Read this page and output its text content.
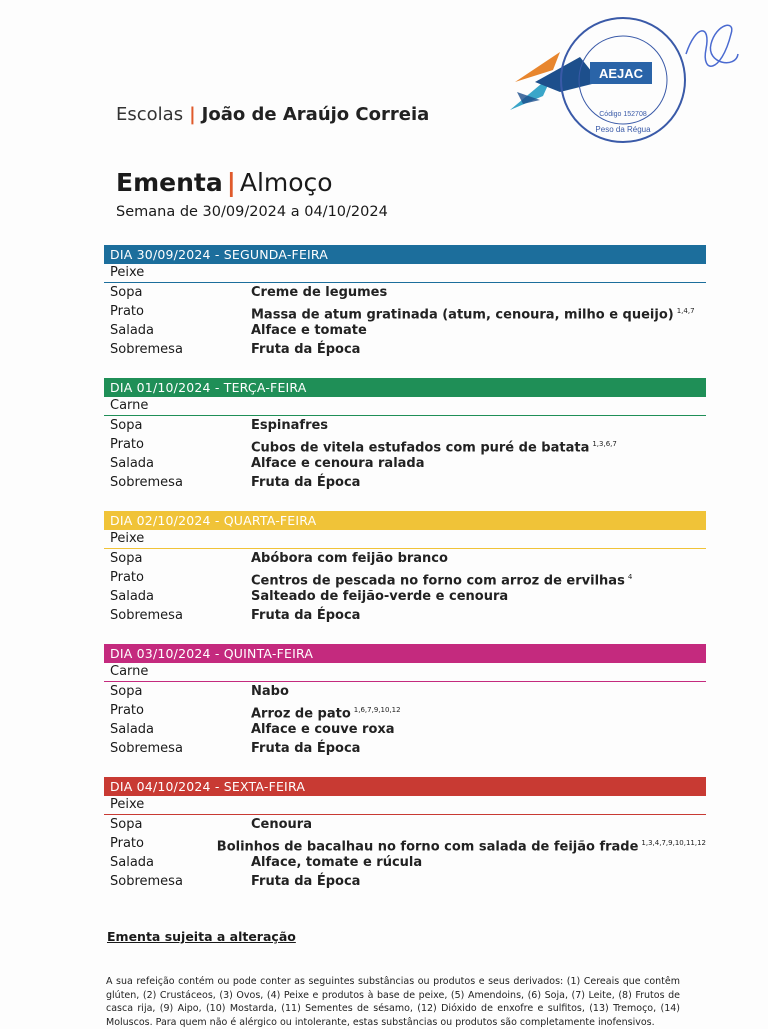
Escolas | João de Araújo Correia
AEJAC
Código 152708
Peso da Régua
Ementa | Almoço
Semana de 30/09/2024 a 04/10/2024
DIA 30/09/2024 - SEGUNDA-FEIRA
Peixe
Sopa	Creme de legumes
Prato	Massa de atum gratinada (atum, cenoura, milho e queijo) $^{1,4,7}$
Salada	Alface e tomate
Sobremesa	Fruta da Época
DIA 01/10/2024 - TERÇA-FEIRA
Carne
Sopa	Espinafres
Prato	Cubos de vitela estufados com puré de batata $^{1,3,6,7}$
Salada	Alface e cenoura ralada
Sobremesa	Fruta da Época
DIA 02/10/2024 - QUARTA-FEIRA
Peixe
Sopa	Abóbora com feijão branco
Prato	Centros de pescada no forno com arroz de ervilhas $^4$
Salada	Salteado de feijão-verde e cenoura
Sobremesa	Fruta da Época
DIA 03/10/2024 - QUINTA-FEIRA
Carne
Sopa	Nabo
Prato	Arroz de pato $^{1,6,7,9,10,12}$
Salada	Alface e couve roxa
Sobremesa	Fruta da Época
DIA 04/10/2024 - SEXTA-FEIRA
Peixe
Sopa	Cenoura
Prato	Bolinhos de bacalhau no forno com salada de feijão frade $^{1,3,4,7,9,10,11,12}$
Salada	Alface, tomate e rúcula
Sobremesa	Fruta da Época
Ementa sujeita a alteração
A sua refeição contém ou pode conter as seguintes substâncias ou produtos e seus derivados: (1) Cereais que contêm glúten, (2) Crustáceos, (3) Ovos, (4) Peixe e produtos à base de peixe, (5) Amendoins, (6) Soja, (7) Leite, (8) Frutos de casca rija, (9) Aipo, (10) Mostarda, (11) Sementes de sésamo, (12) Dióxido de enxofre e sulfitos, (13) Tremoço, (14) Moluscos. Para quem não é alérgico ou intolerante, estas substâncias ou produtos são completamente inofensivos.
